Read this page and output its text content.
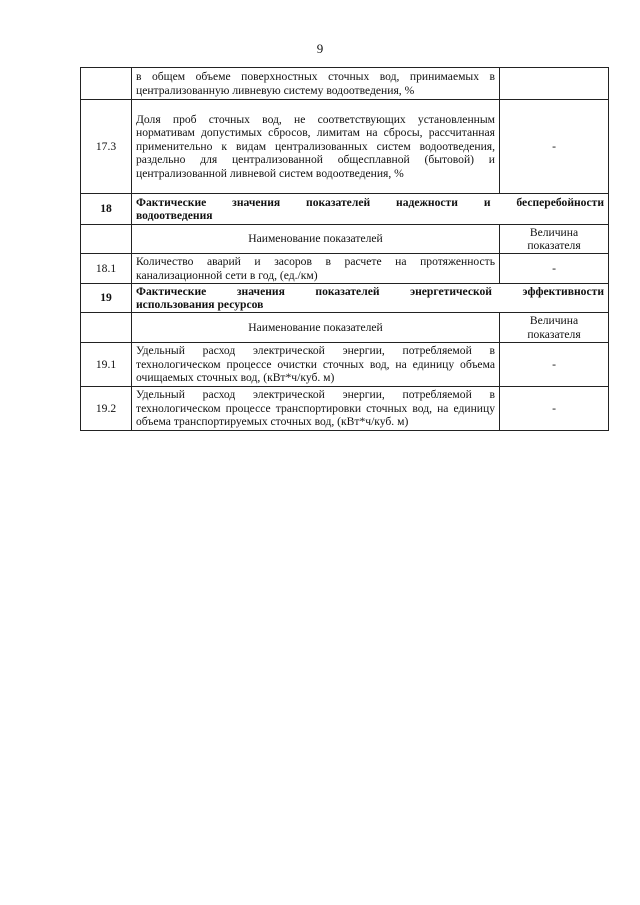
9
	в общем объеме поверхностных сточных вод, принимаемых в централизованную ливневую систему водоотведения, %	
17.3	Доля проб сточных вод, не соответствующих установленным нормативам допустимых сбросов, лимитам на сбросы, рассчитанная применительно к видам централизованных систем водоотведения, раздельно для централизованной общесплавной (бытовой) и централизованной ливневой систем водоотведения, %	-
18	Фактические значения показателей надежности и бесперебойности
водоотведения	
	Наименование показателей	Величина показателя
18.1	Количество аварий и засоров в расчете на протяженность канализационной сети в год, (ед./км)	-
19	Фактические значения показателей энергетической эффективности
использования ресурсов	
	Наименование показателей	Величина показателя
19.1	Удельный расход электрической энергии, потребляемой в технологическом процессе очистки сточных вод, на единицу объема очищаемых сточных вод, (кВт*ч/куб. м)	-
19.2	Удельный расход электрической энергии, потребляемой в технологическом процессе транспортировки сточных вод, на единицу объема транспортируемых сточных вод, (кВт*ч/куб. м)	-
